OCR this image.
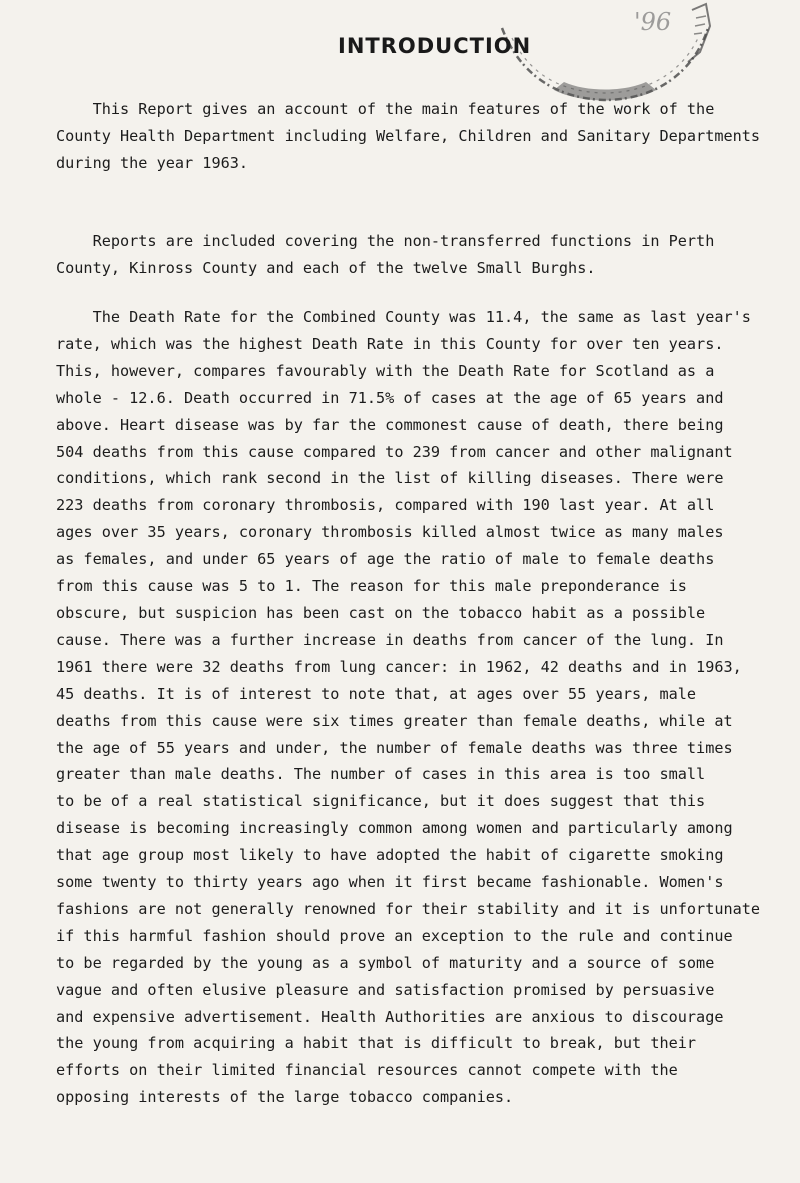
'96
INTRODUCTION

This Report gives an account of the main features of the work of the
County Health Department including Welfare, Children and Sanitary Departments
during the year 1963.

Reports are included covering the non-transferred functions in Perth
County, Kinross County and each of the twelve Small Burghs.

The Death Rate for the Combined County was 11.4, the same as last year's
rate, which was the highest Death Rate in this County for over ten years.
This, however, compares favourably with the Death Rate for Scotland as a
whole - 12.6. Death occurred in 71.5% of cases at the age of 65 years and
above. Heart disease was by far the commonest cause of death, there being
504 deaths from this cause compared to 239 from cancer and other malignant
conditions, which rank second in the list of killing diseases. There were
223 deaths from coronary thrombosis, compared with 190 last year. At all
ages over 35 years, coronary thrombosis killed almost twice as many males
as females, and under 65 years of age the ratio of male to female deaths
from this cause was 5 to 1. The reason for this male preponderance is
obscure, but suspicion has been cast on the tobacco habit as a possible
cause. There was a further increase in deaths from cancer of the lung. In
1961 there were 32 deaths from lung cancer: in 1962, 42 deaths and in 1963,
45 deaths. It is of interest to note that, at ages over 55 years, male
deaths from this cause were six times greater than female deaths, while at
the age of 55 years and under, the number of female deaths was three times
greater than male deaths. The number of cases in this area is too small
to be of a real statistical significance, but it does suggest that this
disease is becoming increasingly common among women and particularly among
that age group most likely to have adopted the habit of cigarette smoking
some twenty to thirty years ago when it first became fashionable. Women's
fashions are not generally renowned for their stability and it is unfortunate
if this harmful fashion should prove an exception to the rule and continue
to be regarded by the young as a symbol of maturity and a source of some
vague and often elusive pleasure and satisfaction promised by persuasive
and expensive advertisement. Health Authorities are anxious to discourage
the young from acquiring a habit that is difficult to break, but their
efforts on their limited financial resources cannot compete with the
opposing interests of the large tobacco companies.
